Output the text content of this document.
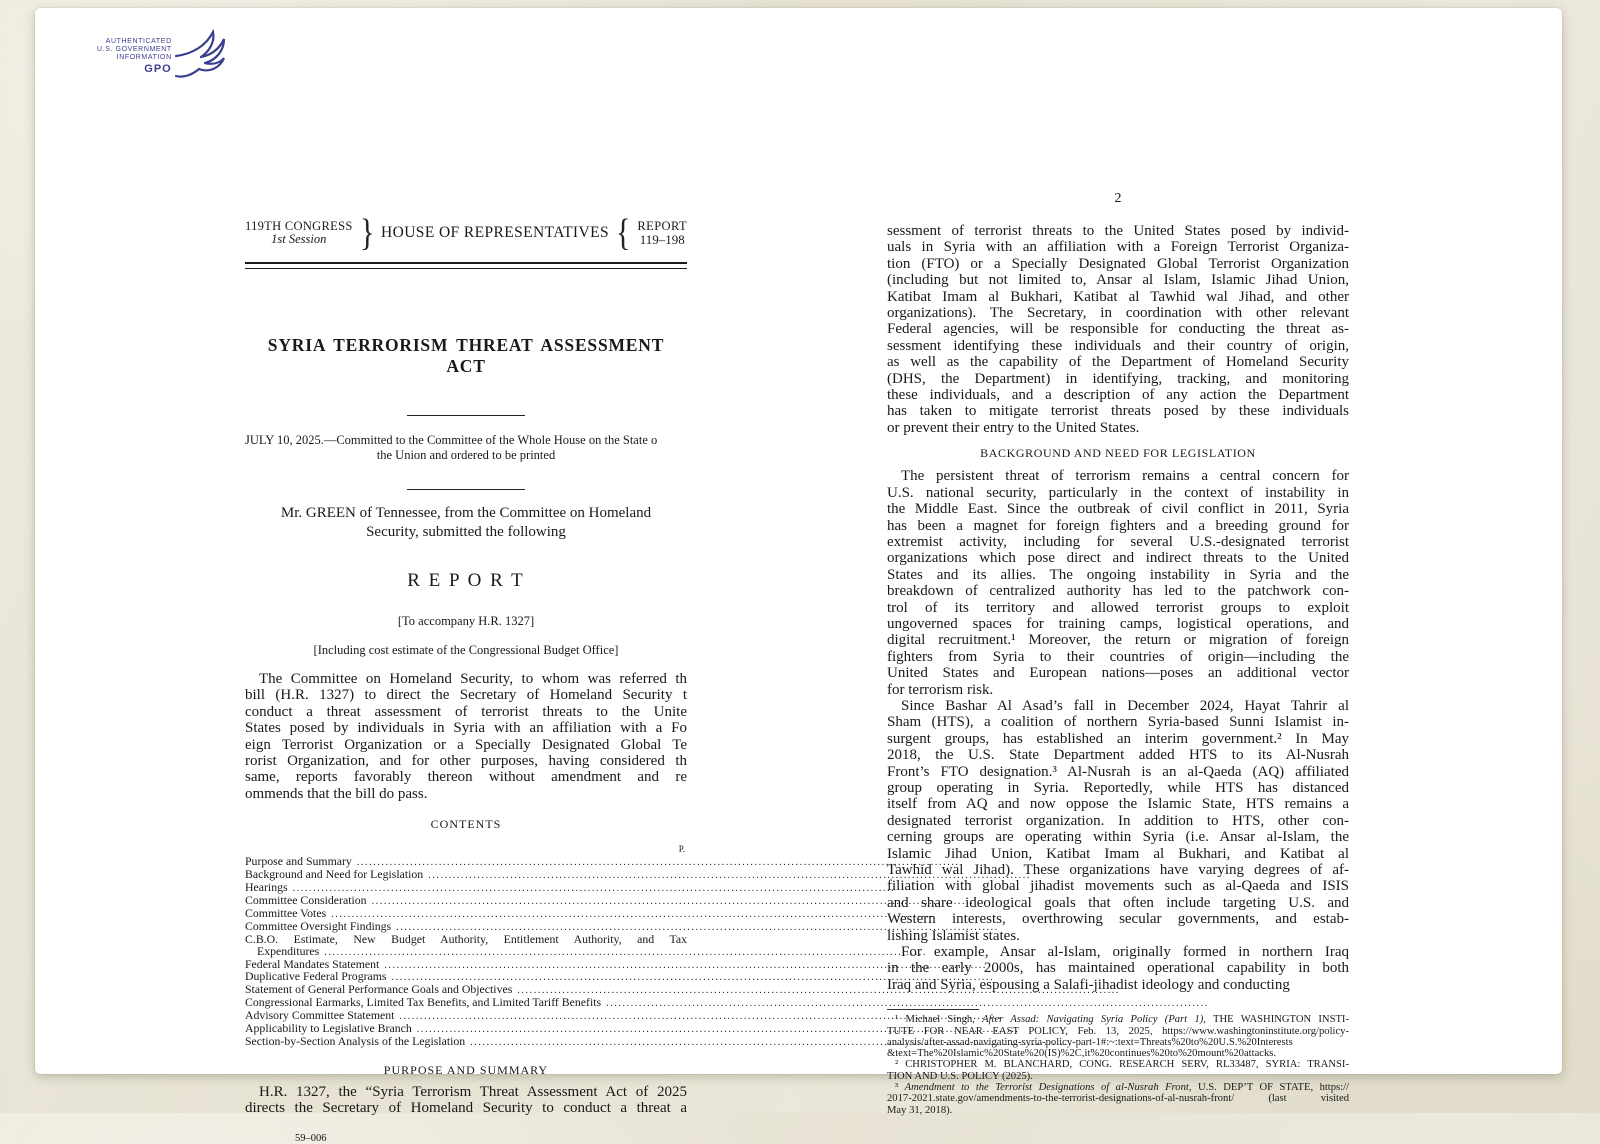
AUTHENTICATED
U.S. GOVERNMENT
INFORMATION
GPO
119TH CONGRESS
1st Session } HOUSE OF REPRESENTATIVES { REPORT
119–198
SYRIA TERRORISM THREAT ASSESSMENT ACT
JULY 10, 2025.—Committed to the Committee of the Whole House on the State o
the Union and ordered to be printed
Mr. GREEN of Tennessee, from the Committee on Homeland
Security, submitted the following
R E P O R T
[To accompany H.R. 1327]
[Including cost estimate of the Congressional Budget Office]
The Committee on Homeland Security, to whom was referred th
bill (H.R. 1327) to direct the Secretary of Homeland Security t
conduct a threat assessment of terrorist threats to the Unite
States posed by individuals in Syria with an affiliation with a Fo
eign Terrorist Organization or a Specially Designated Global Te
rorist Organization, and for other purposes, having considered th
same, reports favorably thereon without amendment and re
ommends that the bill do pass.
CONTENTS
P.
Purpose and Summary
.....
Background and Need for Legislation
.....
Hearings
.....
Committee Consideration
.....
Committee Votes
.....
Committee Oversight Findings
.....
C.B.O. Estimate, New Budget Authority, Entitlement Authority, and Tax
Expenditures
.....
Federal Mandates Statement
.....
Duplicative Federal Programs
.....
Statement of General Performance Goals and Objectives
.....
Congressional Earmarks, Limited Tax Benefits, and Limited Tariff Benefits
.....
Advisory Committee Statement
.....
Applicability to Legislative Branch
.....
Section-by-Section Analysis of the Legislation
.....
PURPOSE AND SUMMARY
H.R. 1327, the “Syria Terrorism Threat Assessment Act of 2025
directs the Secretary of Homeland Security to conduct a threat a
59–006
2
sessment of terrorist threats to the United States posed by individ-
uals in Syria with an affiliation with a Foreign Terrorist Organiza-
tion (FTO) or a Specially Designated Global Terrorist Organization
(including but not limited to, Ansar al Islam, Islamic Jihad Union,
Katibat Imam al Bukhari, Katibat al Tawhid wal Jihad, and other
organizations). The Secretary, in coordination with other relevant
Federal agencies, will be responsible for conducting the threat as-
sessment identifying these individuals and their country of origin,
as well as the capability of the Department of Homeland Security
(DHS, the Department) in identifying, tracking, and monitoring
these individuals, and a description of any action the Department
has taken to mitigate terrorist threats posed by these individuals
or prevent their entry to the United States.
BACKGROUND AND NEED FOR LEGISLATION
The persistent threat of terrorism remains a central concern for
U.S. national security, particularly in the context of instability in
the Middle East. Since the outbreak of civil conflict in 2011, Syria
has been a magnet for foreign fighters and a breeding ground for
extremist activity, including for several U.S.-designated terrorist
organizations which pose direct and indirect threats to the United
States and its allies. The ongoing instability in Syria and the
breakdown of centralized authority has led to the patchwork con-
trol of its territory and allowed terrorist groups to exploit
ungoverned spaces for training camps, logistical operations, and
digital recruitment.¹ Moreover, the return or migration of foreign
fighters from Syria to their countries of origin—including the
United States and European nations—poses an additional vector
for terrorism risk.
Since Bashar Al Asad’s fall in December 2024, Hayat Tahrir al
Sham (HTS), a coalition of northern Syria-based Sunni Islamist in-
surgent groups, has established an interim government.² In May
2018, the U.S. State Department added HTS to its Al-Nusrah
Front’s FTO designation.³ Al-Nusrah is an al-Qaeda (AQ) affiliated
group operating in Syria. Reportedly, while HTS has distanced
itself from AQ and now oppose the Islamic State, HTS remains a
designated terrorist organization. In addition to HTS, other con-
cerning groups are operating within Syria (i.e. Ansar al-Islam, the
Islamic Jihad Union, Katibat Imam al Bukhari, and Katibat al
Tawhid wal Jihad). These organizations have varying degrees of af-
filiation with global jihadist movements such as al-Qaeda and ISIS
and share ideological goals that often include targeting U.S. and
Western interests, overthrowing secular governments, and estab-
lishing Islamist states.
For example, Ansar al-Islam, originally formed in northern Iraq
in the early 2000s, has maintained operational capability in both
Iraq and Syria, espousing a Salafi-jihadist ideology and conducting
¹ Michael Singh, After Assad: Navigating Syria Policy (Part 1), THE WASHINGTON INSTI-
TUTE FOR NEAR EAST POLICY, Feb. 13, 2025, https://www.washingtoninstitute.org/policy-
analysis/after-assad-navigating-syria-policy-part-1#:~:text=Threats%20to%20U.S.%20Interests
&text=The%20Islamic%20State%20(IS)%2C,it%20continues%20to%20mount%20attacks.
² CHRISTOPHER M. BLANCHARD, CONG. RESEARCH SERV, RL33487, SYRIA: TRANSI-
TION AND U.S. POLICY (2025).
³ Amendment to the Terrorist Designations of al-Nusrah Front, U.S. DEP’T OF STATE, https://
2017-2021.state.gov/amendments-to-the-terrorist-designations-of-al-nusrah-front/ (last visited
May 31, 2018).
